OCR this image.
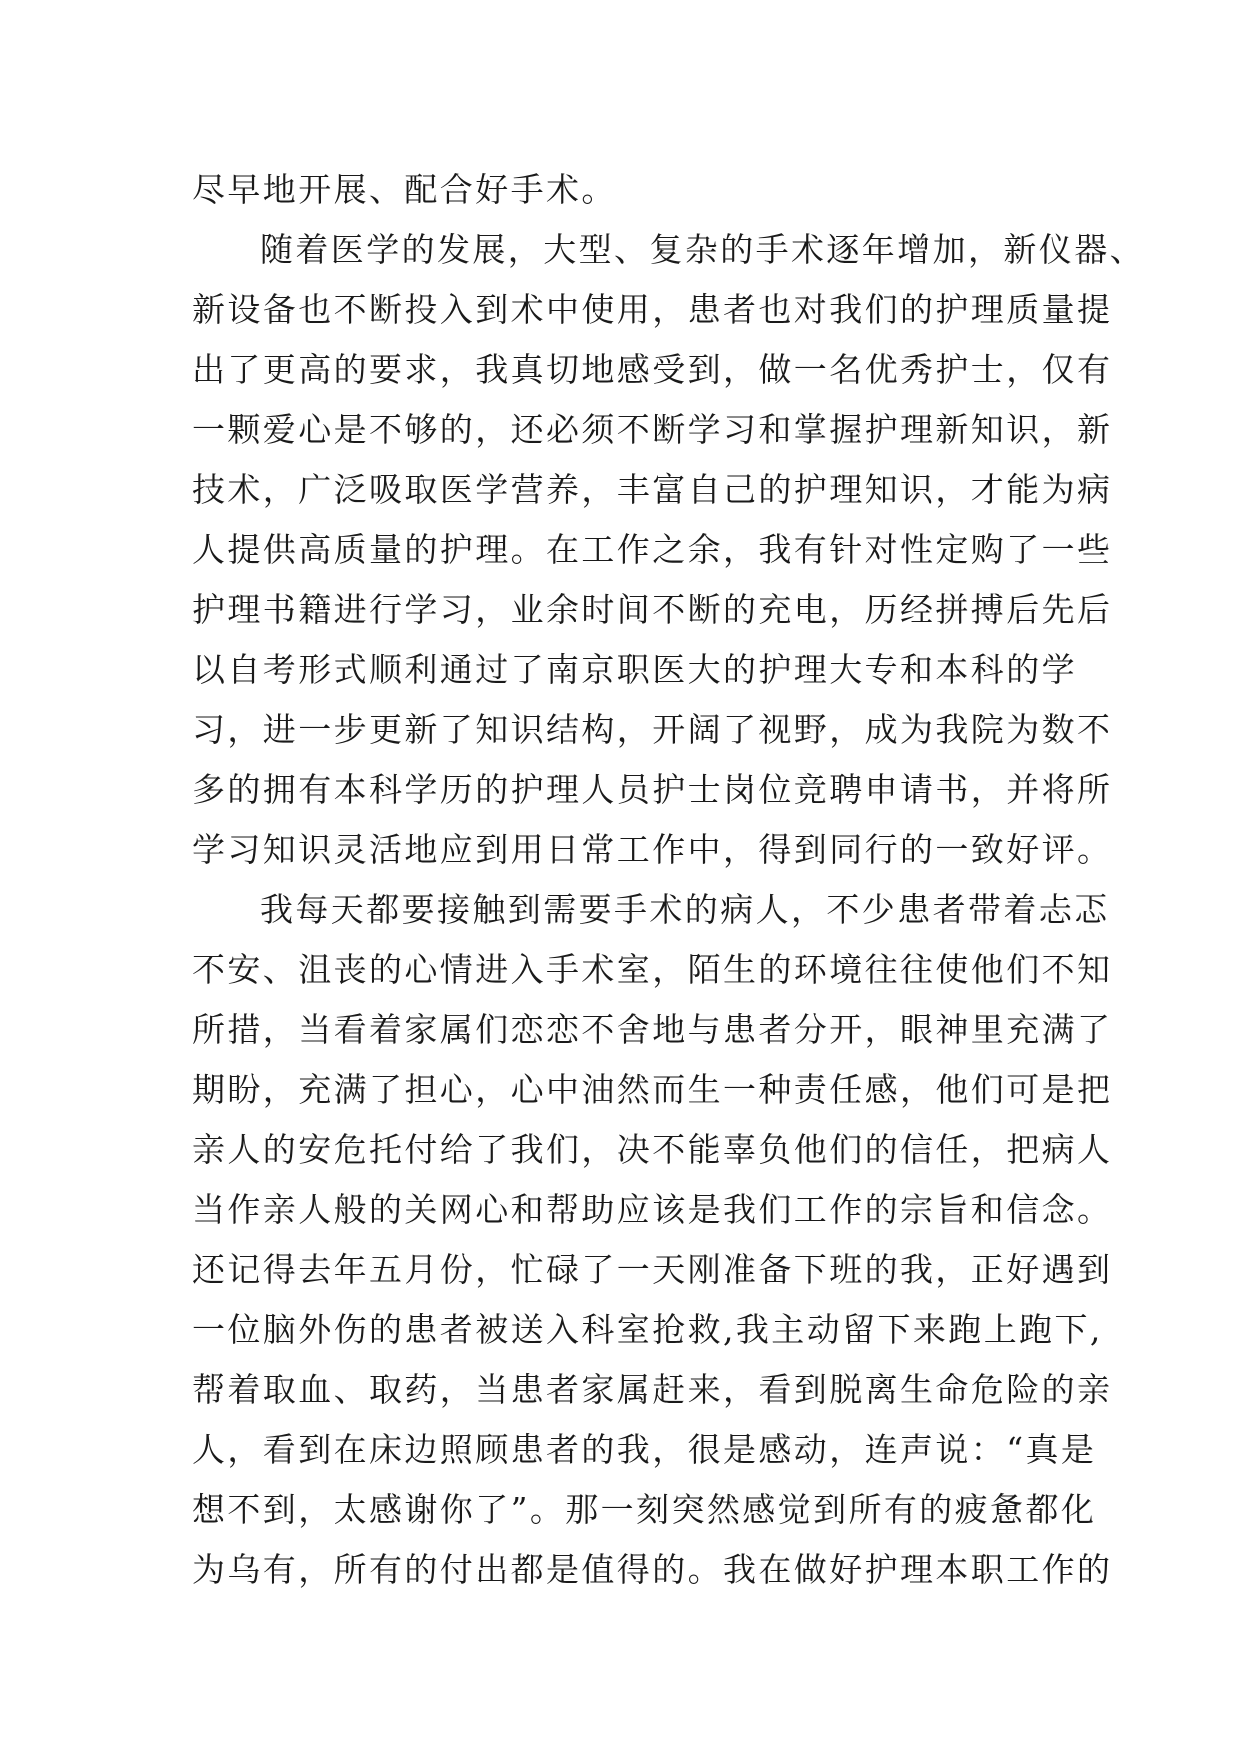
尽早地开展、配合好手术。
随着医学的发展，大型、复杂的手术逐年增加，新仪器、
新设备也不断投入到术中使用，患者也对我们的护理质量提
出了更高的要求，我真切地感受到，做一名优秀护士，仅有
一颗爱心是不够的，还必须不断学习和掌握护理新知识，新
技术，广泛吸取医学营养，丰富自己的护理知识，才能为病
人提供高质量的护理。在工作之余，我有针对性定购了一些
护理书籍进行学习，业余时间不断的充电，历经拼搏后先后
以自考形式顺利通过了南京职医大的护理大专和本科的学
习，进一步更新了知识结构，开阔了视野，成为我院为数不
多的拥有本科学历的护理人员护士岗位竞聘申请书，并将所
学习知识灵活地应到用日常工作中，得到同行的一致好评。
我每天都要接触到需要手术的病人，不少患者带着忐忑
不安、沮丧的心情进入手术室，陌生的环境往往使他们不知
所措，当看着家属们恋恋不舍地与患者分开，眼神里充满了
期盼，充满了担心，心中油然而生一种责任感，他们可是把
亲人的安危托付给了我们，决不能辜负他们的信任，把病人
当作亲人般的关网心和帮助应该是我们工作的宗旨和信念。
还记得去年五月份，忙碌了一天刚准备下班的我，正好遇到
一位脑外伤的患者被送入科室抢救,我主动留下来跑上跑下,
帮着取血、取药，当患者家属赶来，看到脱离生命危险的亲
人，看到在床边照顾患者的我，很是感动，连声说：“真是
想不到，太感谢你了”。那一刻突然感觉到所有的疲惫都化
为乌有，所有的付出都是值得的。我在做好护理本职工作的
